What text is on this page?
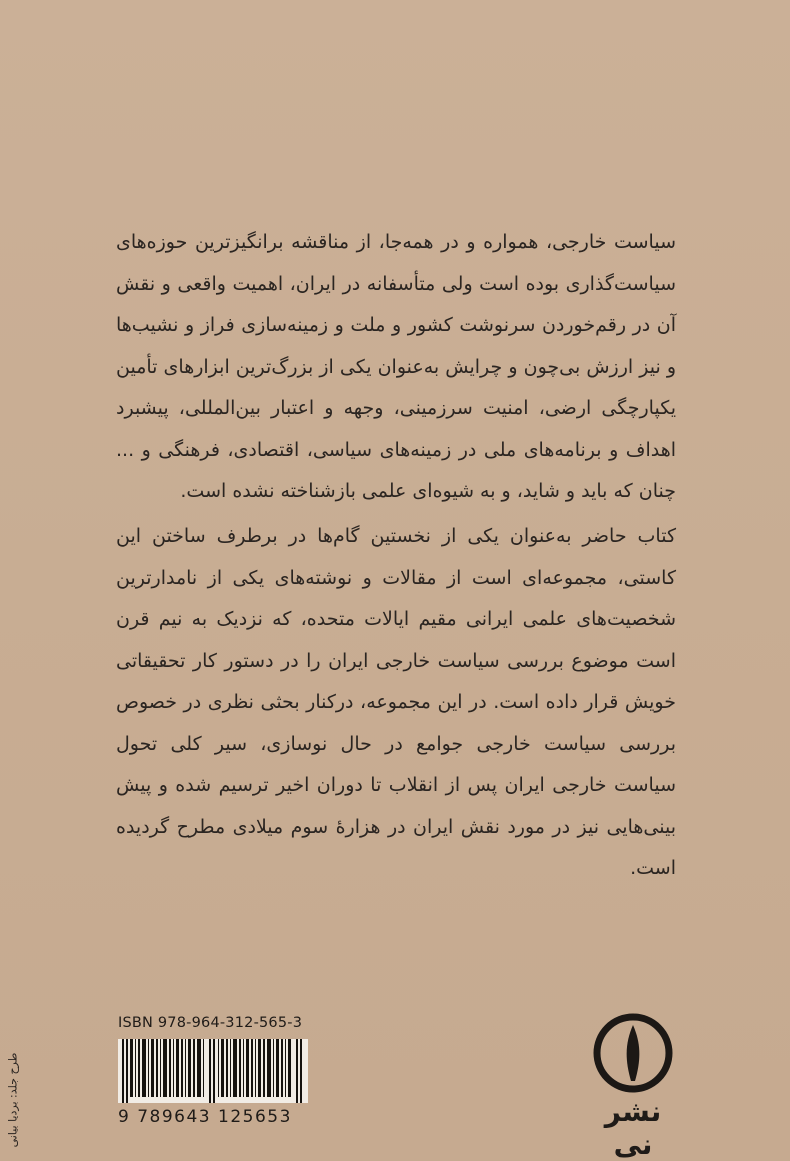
سیاست خارجی، همواره و در همه‌جا، از مناقشه برانگیزترین حوزه‌های سیاست‌گذاری بوده است ولی متأسفانه در ایران، اهمیت واقعی و نقش آن در رقم‌خوردن سرنوشت کشور و ملت و زمینه‌سازی فراز و نشیب‌ها و نیز ارزش بی‌چون و چرایش به‌عنوان یکی از بزرگ‌ترین ابزارهای تأمین یکپارچگی ارضی، امنیت سرزمینی، وجهه و اعتبار بین‌المللی، پیشبرد اهداف و برنامه‌های ملی در زمینه‌های سیاسی، اقتصادی، فرهنگی و ... چنان که باید و شاید، و به شیوه‌ای علمی بازشناخته نشده است.

کتاب حاضر به‌عنوان یکی از نخستین گام‌ها در برطرف ساختن این کاستی، مجموعه‌ای است از مقالات و نوشته‌های یکی از نامدارترین شخصیت‌های علمی ایرانی مقیم ایالات متحده، که نزدیک به نیم قرن است موضوع بررسی سیاست خارجی ایران را در دستور کار تحقیقاتی خویش قرار داده است. در این مجموعه، درکنار بحثی نظری در خصوص بررسی سیاست خارجی جوامع در حال نوسازی، سیر کلی تحول سیاست خارجی ایران پس از انقلاب تا دوران اخیر ترسیم شده و پیش بینی‌هایی نیز در مورد نقش ایران در هزارهٔ سوم میلادی مطرح گردیده است.

ISBN 978-964-312-565-3
9 789643 125653	نشر نی
طرح جلد: بردیا بیانی
